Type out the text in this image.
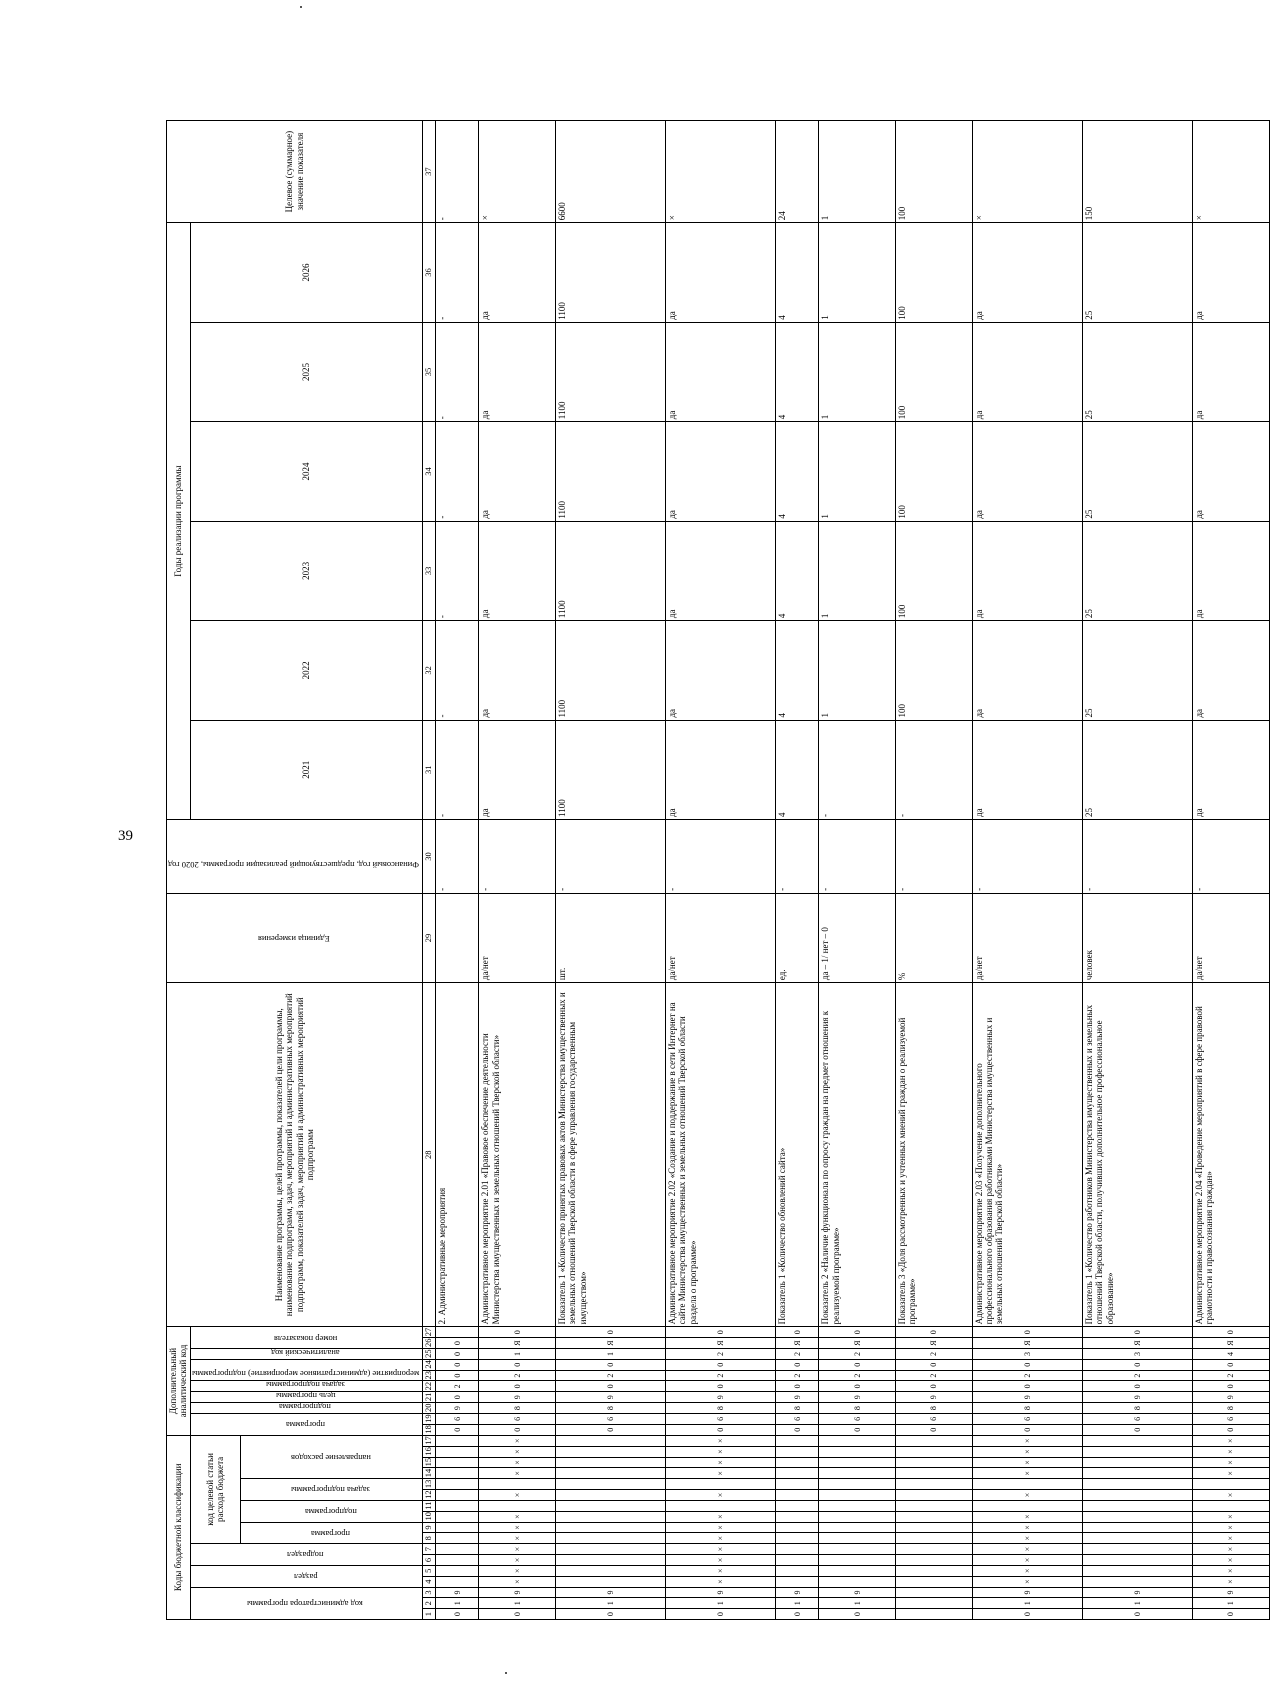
39
Коды бюджетной классификации																	Дополнительный аналитический код										Наименование программы, целей программы, показателей цели программы, наименование подпрограмм, задач, мероприятий и административных мероприятий подпрограмм, показателей задач, мероприятий и административных мероприятий подпрограмм	Единица измерения	Финансовый год, предшествующий реализации программы, 2020 год	Годы реализации программы						Целевое (суммарное) значение показателя
код администратора программы			раздел		подраздел		код целевой статьи расхода бюджета										программа		подпрограмма	цель программы	задача подпрограммы	мероприятие (административное мероприятие) подпрограммы		аналитический код	номер показателя					2021	2022	2023	2024	2025	2026	
							программа		подпрограмма		задача подпрограммы		направление расходов																							
1	2	3	4	5	6	7	8	9	10	11	12	13	14	15	16	17	18	19	20	21	22	23	24	25	26	27	28	29	30	31	32	33	34	35	36	37
0	1	9															0	6	9	0	2	0	0	0	0		2. Административные мероприятия		-	-	-	-	-	-	-	-
0	1	9	×	×	×	×	×	×	×		×		×	×	×	×	0	6	8	9	0	2	0	1	Я	0	Административное мероприятие 2.01 «Правовое обеспечение деятельности Министерства имущественных и земельных отношений Тверской области»	да/нет	-	да	да	да	да	да	да	×
0	1	9															0	6	8	9	0	2	0	1	Я	0	Показатель 1 «Количество принятых правовых актов Министерства имущественных и земельных отношений Тверской области в сфере управления государственным имуществом»	шт.	-	1100	1100	1100	1100	1100	1100	6600
0	1	9	×	×	×	×	×	×	×		×		×	×	×	×	0	6	8	9	0	2	0	2	Я	0	Административное мероприятие 2.02 «Создание и поддержание в сети Интернет на сайте Министерства имущественных и земельных отношений Тверской области раздела о программе»	да/нет	-	да	да	да	да	да	да	×
0	1	9															0	6	8	9	0	2	0	2	Я	0	Показатель 1 «Количество обновлений сайта»	ед.	-	4	4	4	4	4	4	24
0	1	9															0	6	8	9	0	2	0	2	Я	0	Показатель 2 «Наличие функционала по опросу граждан на предмет отношения к реализуемой программе»	да – 1/ нет – 0	-	-	1	1	1	1	1	1
																	0	6	8	9	0	2	0	2	Я	0	Показатель 3 «Доля рассмотренных и учтенных мнений граждан о реализуемой программе»	%	-	-	100	100	100	100	100	100
0	1	9	×	×	×	×	×	×	×		×		×	×	×	×	0	6	8	9	0	2	0	3	Я	0	Административное мероприятие 2.03 «Получение дополнительного профессионального образования работниками Министерства имущественных и земельных отношений Тверской области»	да/нет	-	да	да	да	да	да	да	×
0	1	9															0	6	8	9	0	2	0	3	Я	0	Показатель 1 «Количество работников Министерства имущественных и земельных отношений Тверской области, получивших дополнительное профессиональное образование»	человек	-	25	25	25	25	25	25	150
0	1	9	×	×	×	×	×	×	×		×		×	×	×	×	0	6	8	9	0	2	0	4	Я	0	Административное мероприятие 2.04 «Проведение мероприятий в сфере правовой грамотности и правосознания граждан»	да/нет	-	да	да	да	да	да	да	×
